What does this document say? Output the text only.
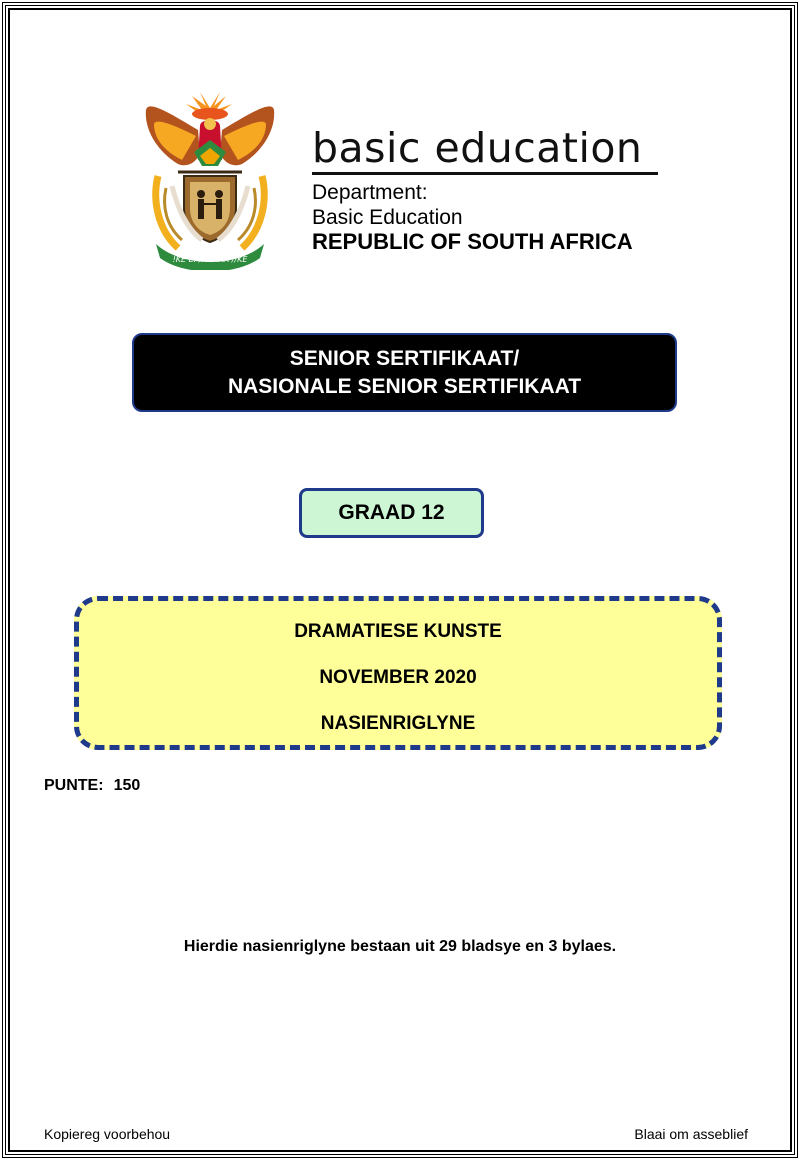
!KE E: /XARRA //KE
basic education
Department:
Basic Education
REPUBLIC OF SOUTH AFRICA
SENIOR SERTIFIKAAT/
NASIONALE SENIOR SERTIFIKAAT
GRAAD 12
DRAMATIESE KUNSTE
NOVEMBER 2020
NASIENRIGLYNE
PUNTE: 150
Hierdie nasienriglyne bestaan uit 29 bladsye en 3 bylaes.
Kopiereg voorbehou	Blaai om asseblief
